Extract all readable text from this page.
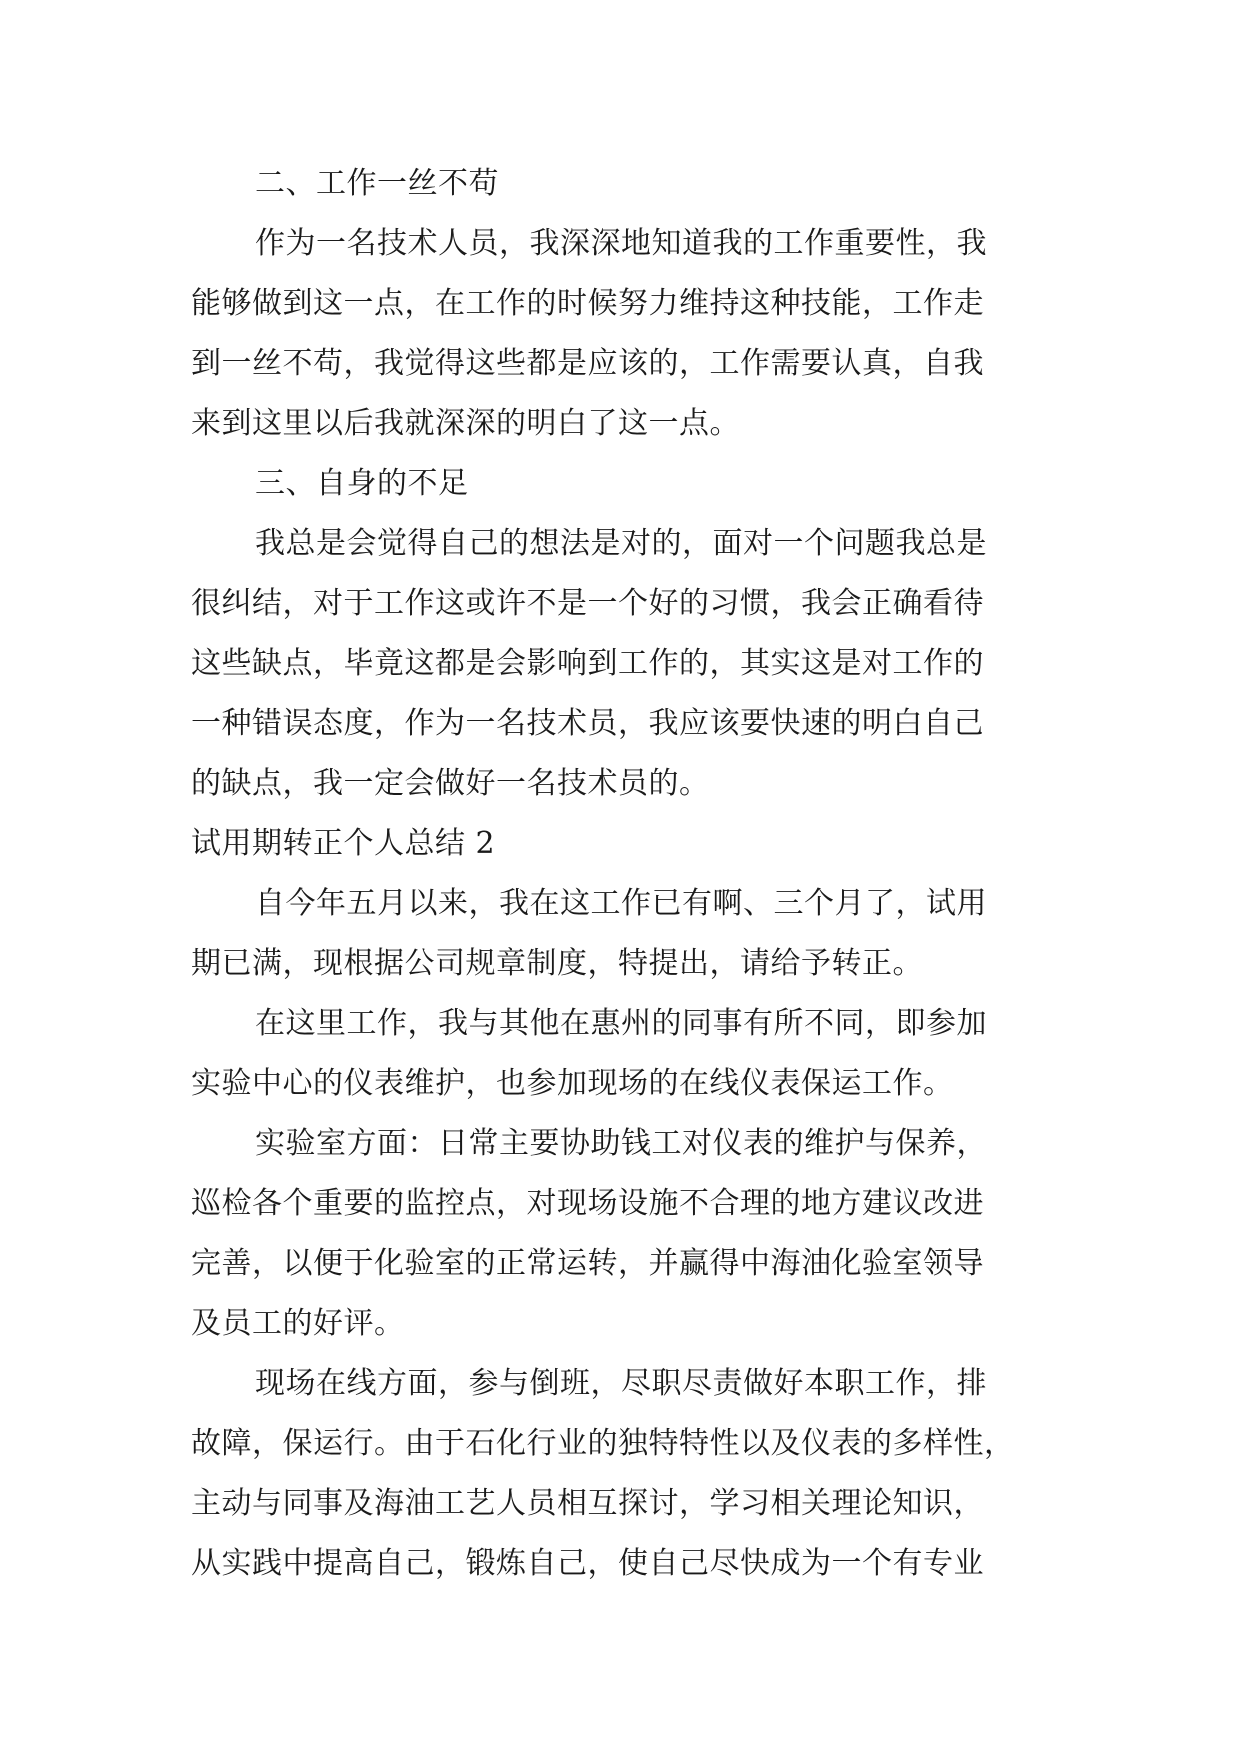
二、工作一丝不苟
作为一名技术人员，我深深地知道我的工作重要性，我
能够做到这一点，在工作的时候努力维持这种技能，工作走
到一丝不苟，我觉得这些都是应该的，工作需要认真，自我
来到这里以后我就深深的明白了这一点。
三、自身的不足
我总是会觉得自己的想法是对的，面对一个问题我总是
很纠结，对于工作这或许不是一个好的习惯，我会正确看待
这些缺点，毕竟这都是会影响到工作的，其实这是对工作的
一种错误态度，作为一名技术员，我应该要快速的明白自己
的缺点，我一定会做好一名技术员的。
试用期转正个人总结 2
自今年五月以来，我在这工作已有啊、三个月了，试用
期已满，现根据公司规章制度，特提出，请给予转正。
在这里工作，我与其他在惠州的同事有所不同，即参加
实验中心的仪表维护，也参加现场的在线仪表保运工作。
实验室方面：日常主要协助钱工对仪表的维护与保养，
巡检各个重要的监控点，对现场设施不合理的地方建议改进
完善，以便于化验室的正常运转，并赢得中海油化验室领导
及员工的好评。
现场在线方面，参与倒班，尽职尽责做好本职工作，排
故障，保运行。由于石化行业的独特特性以及仪表的多样性，
主动与同事及海油工艺人员相互探讨，学习相关理论知识，
从实践中提高自己，锻炼自己，使自己尽快成为一个有专业
